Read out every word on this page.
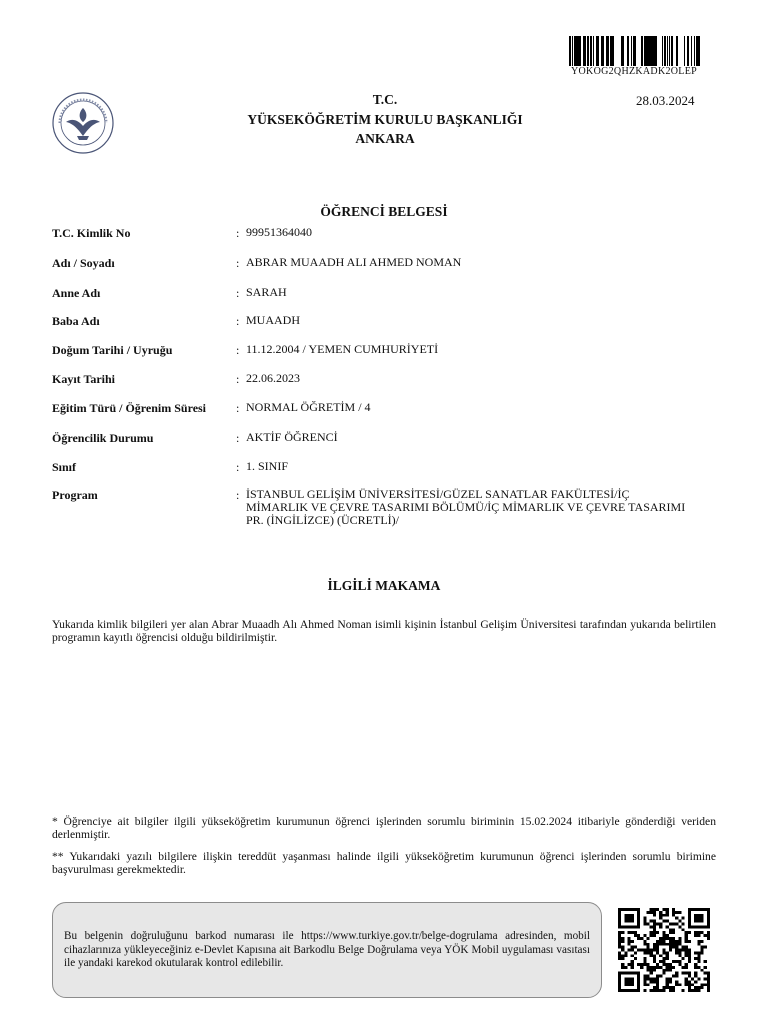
YOKOG2QHZKADK2OLEP
28.03.2024
T.C.
YÜKSEKÖĞRETİM KURULU BAŞKANLIĞI
ANKARA
ÖĞRENCİ BELGESİ
T.C. Kimlik No	: 99951364040
Adı / Soyadı	: ABRAR MUAADH ALI AHMED NOMAN
Anne Adı	: SARAH
Baba Adı	: MUAADH
Doğum Tarihi / Uyruğu	: 11.12.2004 / YEMEN CUMHURİYETİ
Kayıt Tarihi	: 22.06.2023
Eğitim Türü / Öğrenim Süresi : NORMAL ÖĞRETİM / 4
Öğrencilik Durumu	: AKTİF ÖĞRENCİ
Sınıf	: 1. SINIF
Program	: İSTANBUL GELİŞİM ÜNİVERSİTESİ/GÜZEL SANATLAR FAKÜLTESİ/İÇ MİMARLIK VE ÇEVRE TASARIMI BÖLÜMÜ/İÇ MİMARLIK VE ÇEVRE TASARIMI PR. (İNGİLİZCE) (ÜCRETLİ)/
İLGİLİ MAKAMA
Yukarıda kimlik bilgileri yer alan Abrar Muaadh Alı Ahmed Noman isimli kişinin İstanbul Gelişim Üniversitesi tarafından yukarıda belirtilen programın kayıtlı öğrencisi olduğu bildirilmiştir.
* Öğrenciye ait bilgiler ilgili yükseköğretim kurumunun öğrenci işlerinden sorumlu biriminin 15.02.2024 itibariyle gönderdiği veriden derlenmiştir.
** Yukarıdaki yazılı bilgilere ilişkin tereddüt yaşanması halinde ilgili yükseköğretim kurumunun öğrenci işlerinden sorumlu birimine başvurulması gerekmektedir.
Bu belgenin doğruluğunu barkod numarası ile https://www.turkiye.gov.tr/belge-dogrulama adresinden, mobil cihazlarınıza yükleyeceğiniz e-Devlet Kapısına ait Barkodlu Belge Doğrulama veya YÖK Mobil uygulaması vasıtası ile yandaki karekod okutularak kontrol edilebilir.
